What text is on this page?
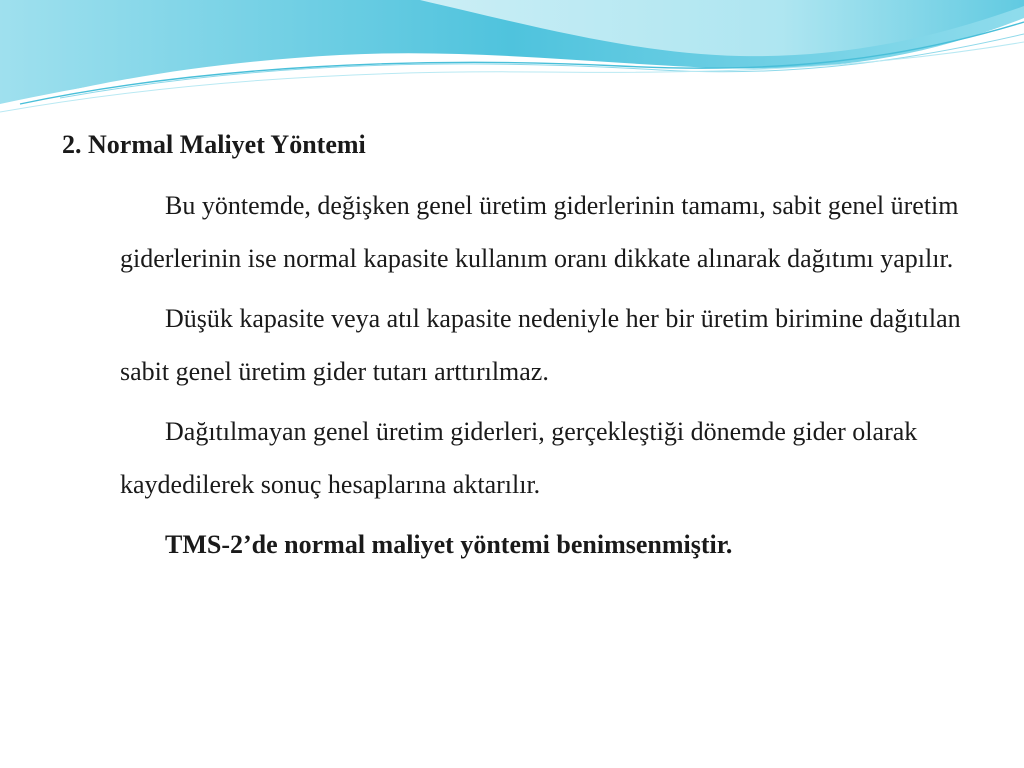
2. Normal Maliyet Yöntemi

Bu yöntemde, değişken genel üretim giderlerinin tamamı, sabit genel üretim giderlerinin ise normal kapasite kullanım oranı dikkate alınarak dağıtımı yapılır.

Düşük kapasite veya atıl kapasite nedeniyle her bir üretim birimine dağıtılan sabit genel üretim gider tutarı arttırılmaz.

Dağıtılmayan genel üretim giderleri, gerçekleştiği dönemde gider olarak kaydedilerek sonuç hesaplarına aktarılır.

TMS-2’de normal maliyet yöntemi benimsenmiştir.
